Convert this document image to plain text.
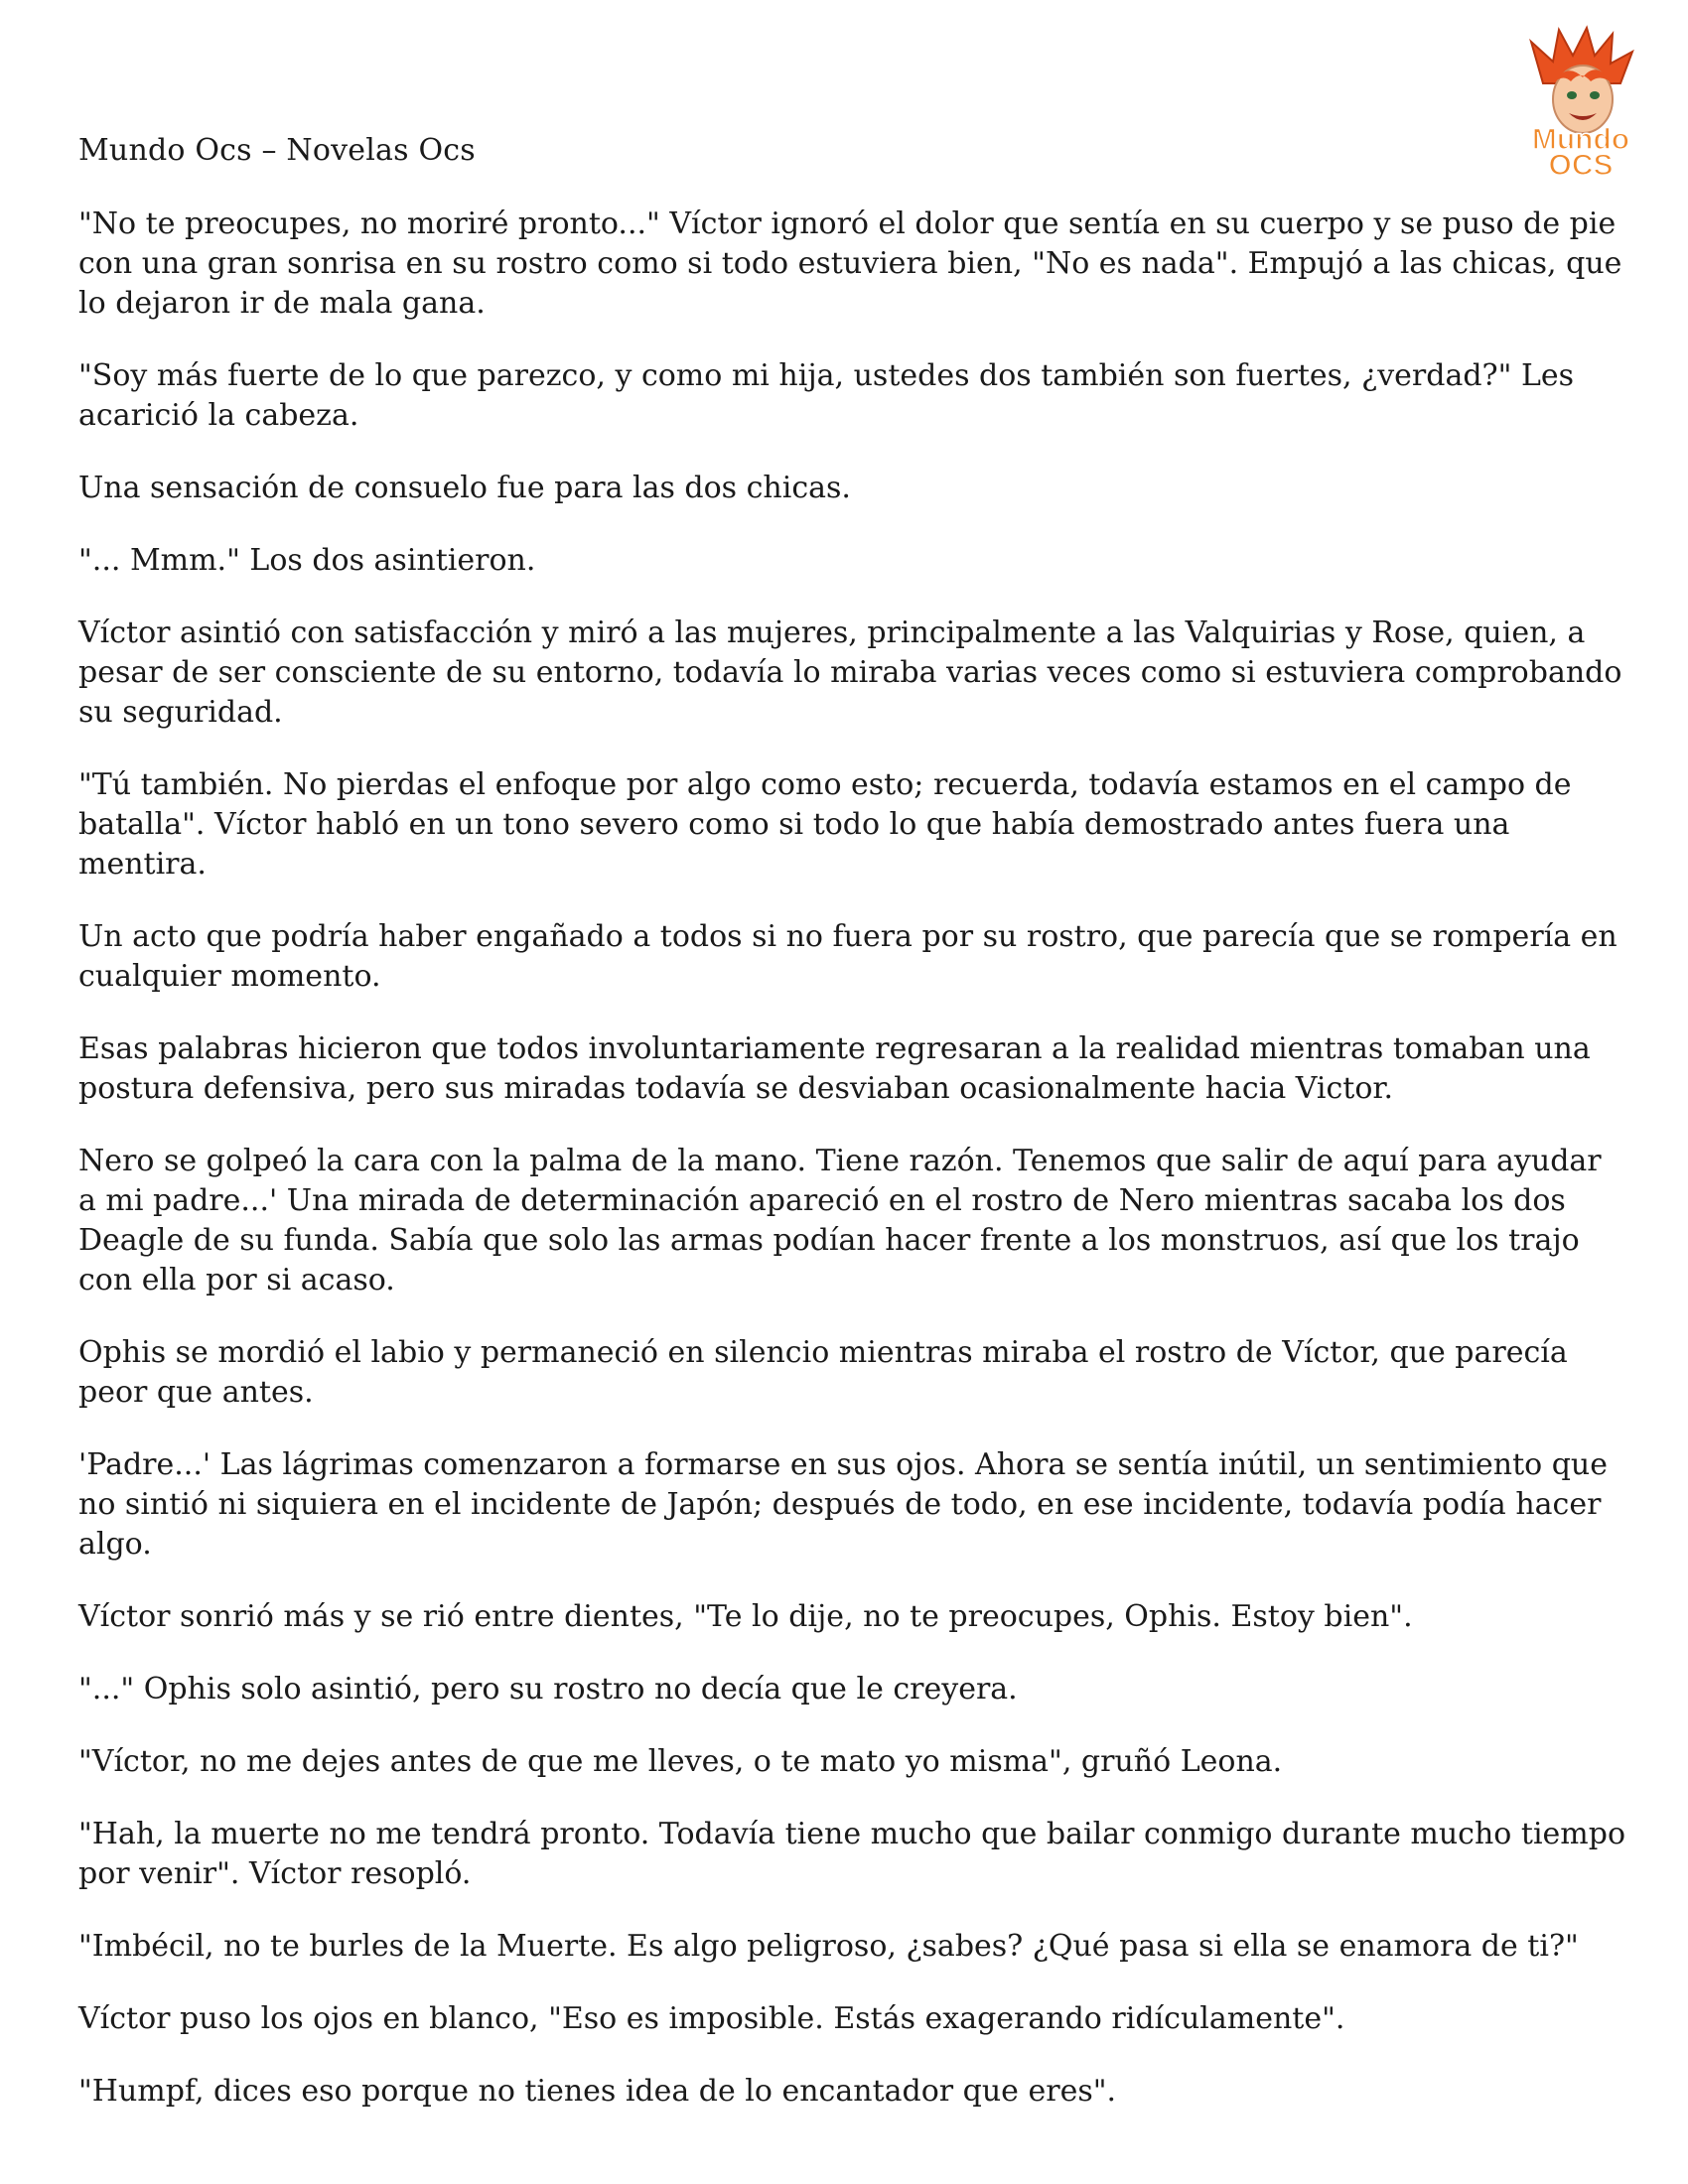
Mundo
OCS
Mundo Ocs – Novelas Ocs

"No te preocupes, no moriré pronto..." Víctor ignoró el dolor que sentía en su cuerpo y se puso de pie con una gran sonrisa en su rostro como si todo estuviera bien, "No es nada". Empujó a las chicas, que lo dejaron ir de mala gana.

"Soy más fuerte de lo que parezco, y como mi hija, ustedes dos también son fuertes, ¿verdad?" Les acarició la cabeza.

Una sensación de consuelo fue para las dos chicas.

"... Mmm." Los dos asintieron.

Víctor asintió con satisfacción y miró a las mujeres, principalmente a las Valquirias y Rose, quien, a pesar de ser consciente de su entorno, todavía lo miraba varias veces como si estuviera comprobando su seguridad.

"Tú también. No pierdas el enfoque por algo como esto; recuerda, todavía estamos en el campo de batalla". Víctor habló en un tono severo como si todo lo que había demostrado antes fuera una mentira.

Un acto que podría haber engañado a todos si no fuera por su rostro, que parecía que se rompería en cualquier momento.

Esas palabras hicieron que todos involuntariamente regresaran a la realidad mientras tomaban una postura defensiva, pero sus miradas todavía se desviaban ocasionalmente hacia Victor.

Nero se golpeó la cara con la palma de la mano. Tiene razón. Tenemos que salir de aquí para ayudar a mi padre...' Una mirada de determinación apareció en el rostro de Nero mientras sacaba los dos Deagle de su funda. Sabía que solo las armas podían hacer frente a los monstruos, así que los trajo con ella por si acaso.

Ophis se mordió el labio y permaneció en silencio mientras miraba el rostro de Víctor, que parecía peor que antes.

'Padre...' Las lágrimas comenzaron a formarse en sus ojos. Ahora se sentía inútil, un sentimiento que no sintió ni siquiera en el incidente de Japón; después de todo, en ese incidente, todavía podía hacer algo.

Víctor sonrió más y se rió entre dientes, "Te lo dije, no te preocupes, Ophis. Estoy bien".

"..." Ophis solo asintió, pero su rostro no decía que le creyera.

"Víctor, no me dejes antes de que me lleves, o te mato yo misma", gruñó Leona.

"Hah, la muerte no me tendrá pronto. Todavía tiene mucho que bailar conmigo durante mucho tiempo por venir". Víctor resopló.

"Imbécil, no te burles de la Muerte. Es algo peligroso, ¿sabes? ¿Qué pasa si ella se enamora de ti?"

Víctor puso los ojos en blanco, "Eso es imposible. Estás exagerando ridículamente".

"Humpf, dices eso porque no tienes idea de lo encantador que eres".
